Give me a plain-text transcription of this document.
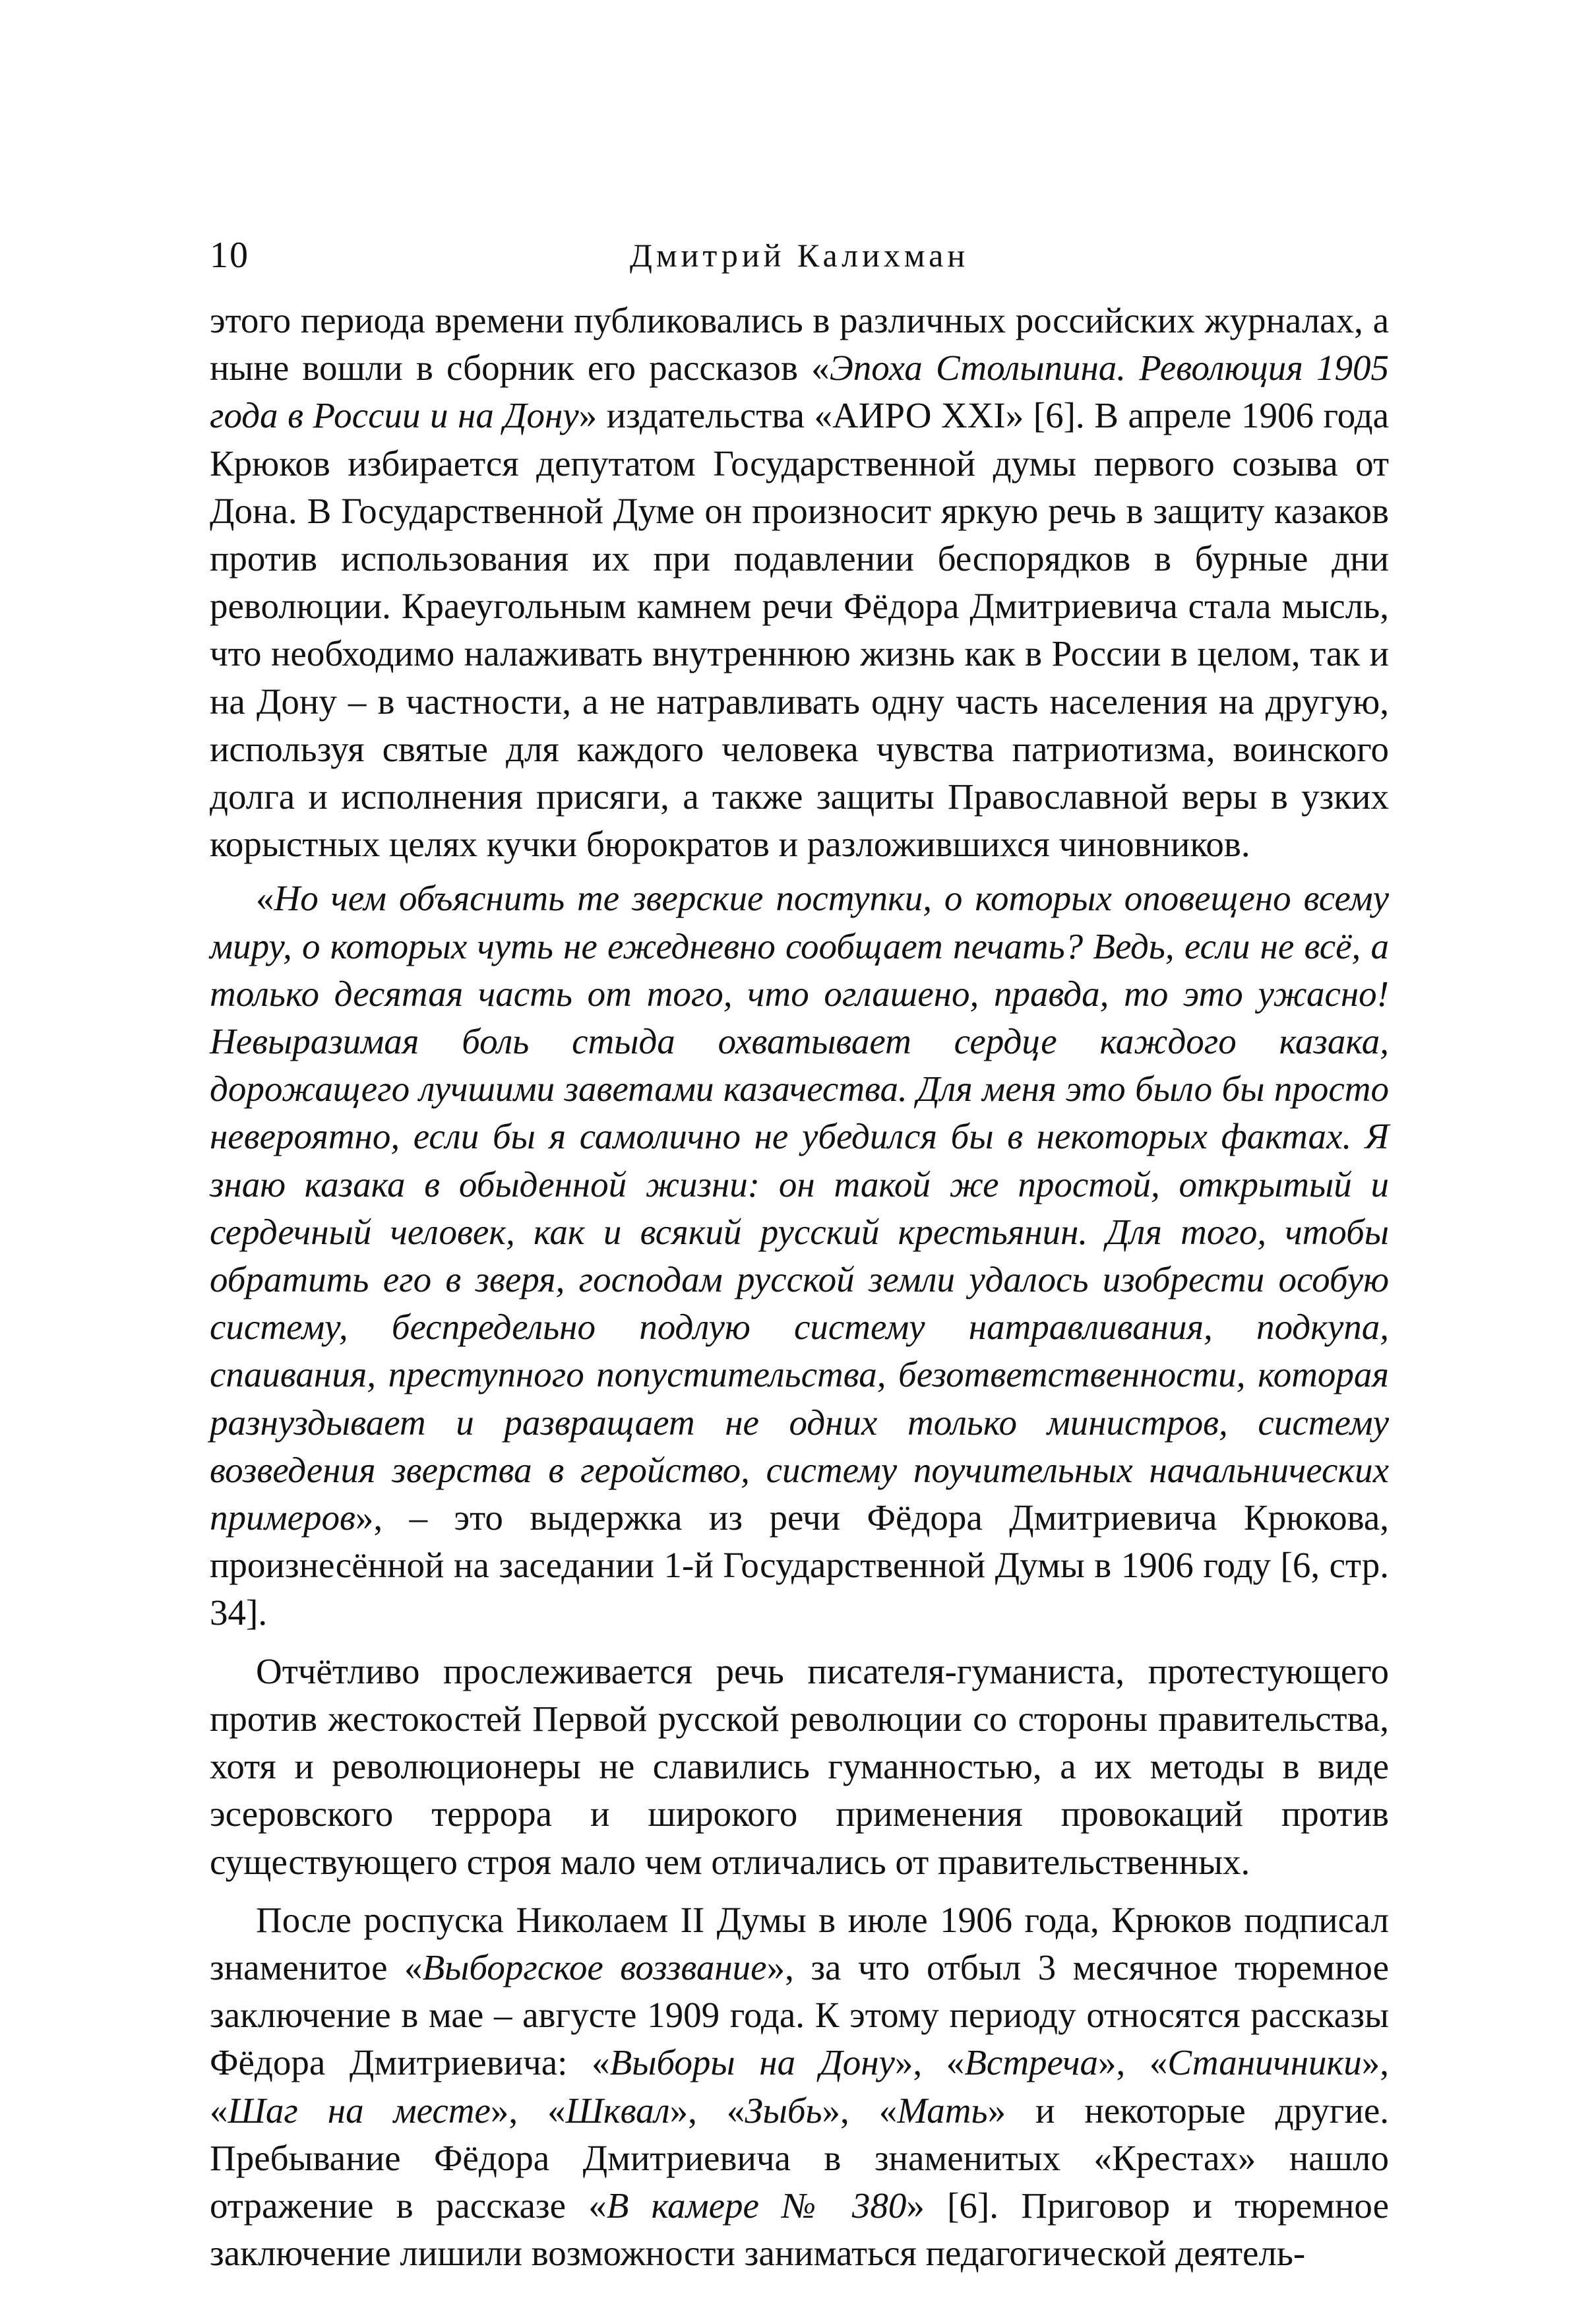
10	Дмитрий Калихман

этого периода времени публиковались в различных российских журналах, а ныне вошли в сборник его рассказов «Эпоха Столыпина. Революция 1905 года в России и на Дону» издательства «АИРО XXI» [6]. В апреле 1906 года Крюков избирается депутатом Государственной думы первого созыва от Дона. В Государственной Думе он произносит яркую речь в защиту казаков против использования их при подавлении беспорядков в бурные дни революции. Краеугольным камнем речи Фёдора Дмитриевича стала мысль, что необходимо налаживать внутреннюю жизнь как в России в целом, так и на Дону – в частности, а не натравливать одну часть населения на другую, используя святые для каждого человека чувства патриотизма, воинского долга и исполнения присяги, а также защиты Православной веры в узких корыстных целях кучки бюрократов и разложившихся чиновников.

«Но чем объяснить те зверские поступки, о которых оповещено всему миру, о которых чуть не ежедневно сообщает печать? Ведь, если не всё, а только десятая часть от того, что оглашено, правда, то это ужасно! Невыразимая боль стыда охватывает сердце каждого казака, дорожащего лучшими заветами казачества. Для меня это было бы просто невероятно, если бы я самолично не убедился бы в некоторых фактах. Я знаю казака в обыденной жизни: он такой же простой, открытый и сердечный человек, как и всякий русский крестьянин. Для того, чтобы обратить его в зверя, господам русской земли удалось изобрести особую систему, беспредельно подлую систему натравливания, подкупа, спаивания, преступного попустительства, безответственности, которая разнуздывает и развращает не одних только министров, систему возведения зверства в геройство, систему поучительных начальнических примеров», – это выдержка из речи Фёдора Дмитриевича Крюкова, произнесённой на заседании 1-й Государственной Думы в 1906 году [6, стр. 34].

Отчётливо прослеживается речь писателя-гуманиста, протестующего против жестокостей Первой русской революции со стороны правительства, хотя и революционеры не славились гуманностью, а их методы в виде эсеровского террора и широкого применения провокаций против существующего строя мало чем отличались от правительственных.

После роспуска Николаем II Думы в июле 1906 года, Крюков подписал знаменитое «Выборгское воззвание», за что отбыл 3 месячное тюремное заключение в мае – августе 1909 года. К этому периоду относятся рассказы Фёдора Дмитриевича: «Выборы на Дону», «Встреча», «Станичники», «Шаг на месте», «Шквал», «Зыбь», «Мать» и некоторые другие. Пребывание Фёдора Дмитриевича в знаменитых «Крестах» нашло отражение в рассказе «В камере № 380» [6]. Приговор и тюремное заключение лишили возможности заниматься педагогической деятель-
